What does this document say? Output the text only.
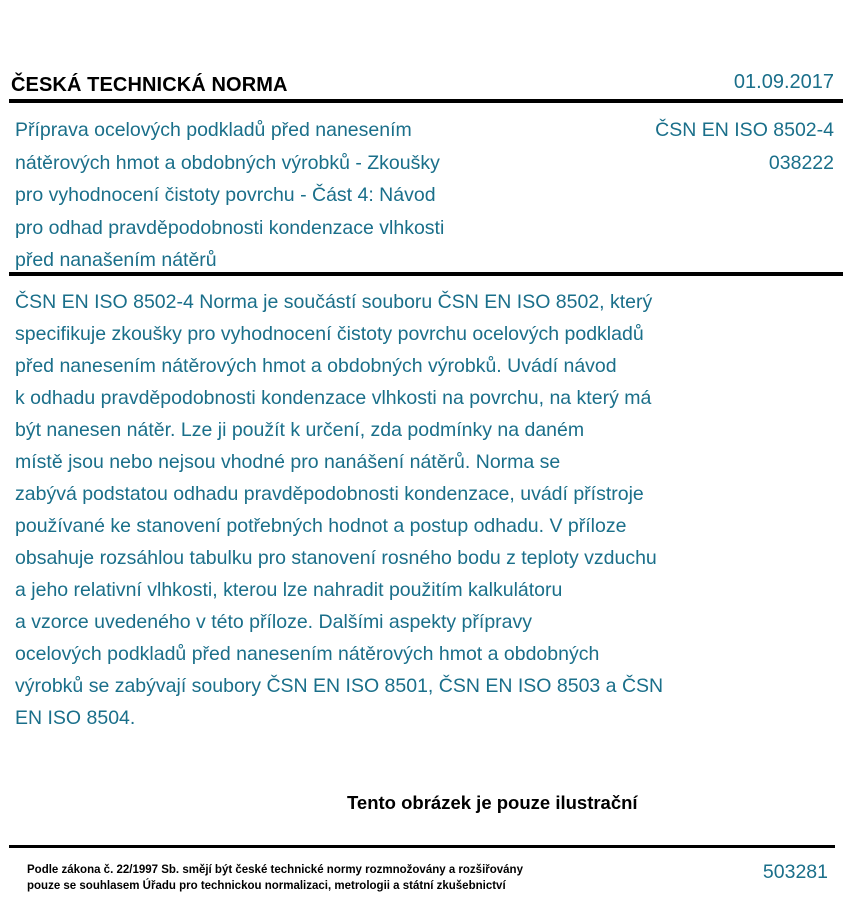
ČESKÁ TECHNICKÁ NORMA	01.09.2017
Příprava ocelových podkladů před nanesením
nátěrových hmot a obdobných výrobků - Zkoušky
pro vyhodnocení čistoty povrchu - Část 4: Návod
pro odhad pravděpodobnosti kondenzace vlhkosti
před nanašením nátěrů
ČSN EN ISO 8502-4
038222
ČSN EN ISO 8502-4 Norma je součástí souboru ČSN EN ISO 8502, který
specifikuje zkoušky pro vyhodnocení čistoty povrchu ocelových podkladů
před nanesením nátěrových hmot a obdobných výrobků. Uvádí návod
k odhadu pravděpodobnosti kondenzace vlhkosti na povrchu, na který má
být nanesen nátěr. Lze ji použít k určení, zda podmínky na daném
místě jsou nebo nejsou vhodné pro nanášení nátěrů. Norma se
zabývá podstatou odhadu pravděpodobnosti kondenzace, uvádí přístroje
používané ke stanovení potřebných hodnot a postup odhadu. V příloze
obsahuje rozsáhlou tabulku pro stanovení rosného bodu z teploty vzduchu
a jeho relativní vlhkosti, kterou lze nahradit použitím kalkulátoru
a vzorce uvedeného v této příloze. Dalšími aspekty přípravy
ocelových podkladů před nanesením nátěrových hmot a obdobných
výrobků se zabývají soubory ČSN EN ISO 8501, ČSN EN ISO 8503 a ČSN
EN ISO 8504.
Tento obrázek je pouze ilustrační
Podle zákona č. 22/1997 Sb. smějí být české technické normy rozmnožovány a rozšiřovány
pouze se souhlasem Úřadu pro technickou normalizaci, metrologii a státní zkušebnictví
503281
